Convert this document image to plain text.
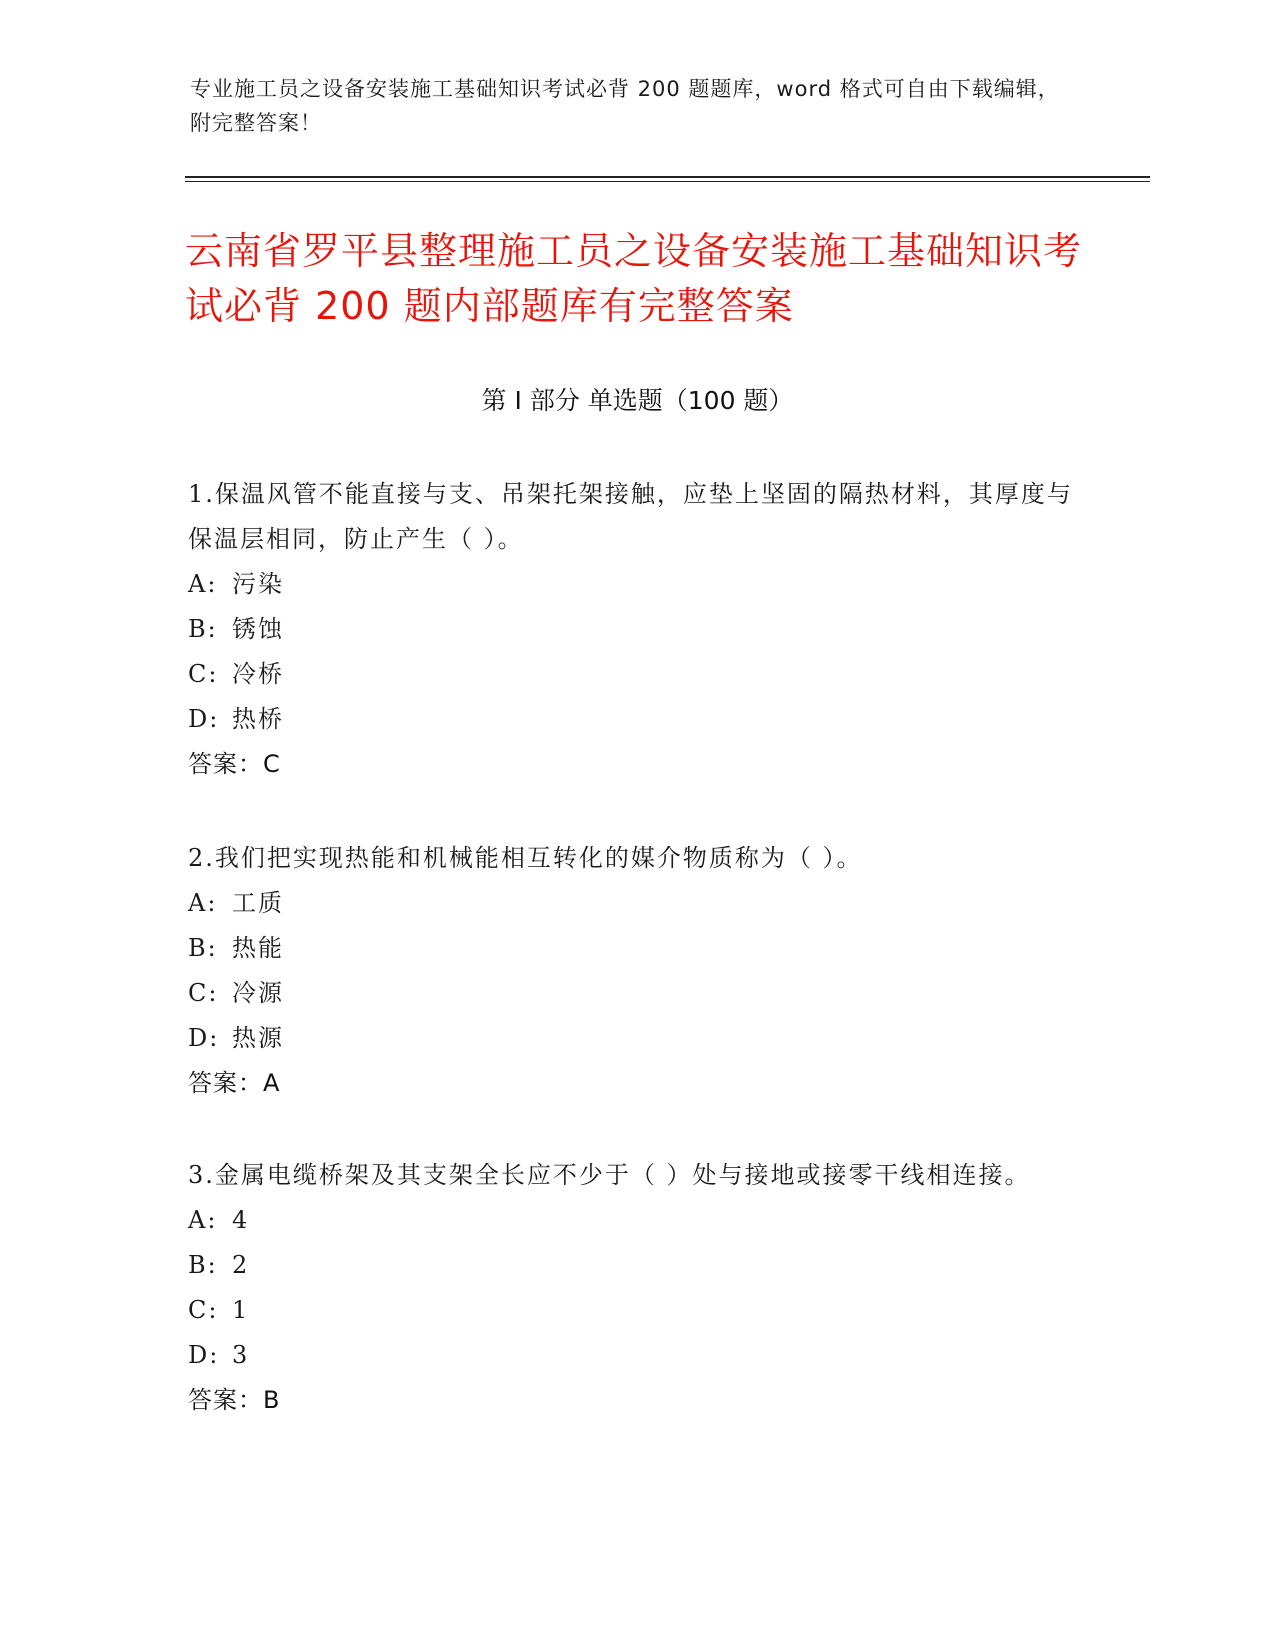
专业施工员之设备安装施工基础知识考试必背 200 题题库，word 格式可自由下载编辑，附完整答案！
云南省罗平县整理施工员之设备安装施工基础知识考试必背 200 题内部题库有完整答案
第 I 部分 单选题（100 题）
1.保温风管不能直接与支、吊架托架接触，应垫上坚固的隔热材料，其厚度与保温层相同，防止产生（ ）。
A: 污染
B: 锈蚀
C: 冷桥
D: 热桥
答案：C
2.我们把实现热能和机械能相互转化的媒介物质称为（ ）。
A: 工质
B: 热能
C: 冷源
D: 热源
答案：A
3.金属电缆桥架及其支架全长应不少于（ ）处与接地或接零干线相连接。
A: 4
B: 2
C: 1
D: 3
答案：B
